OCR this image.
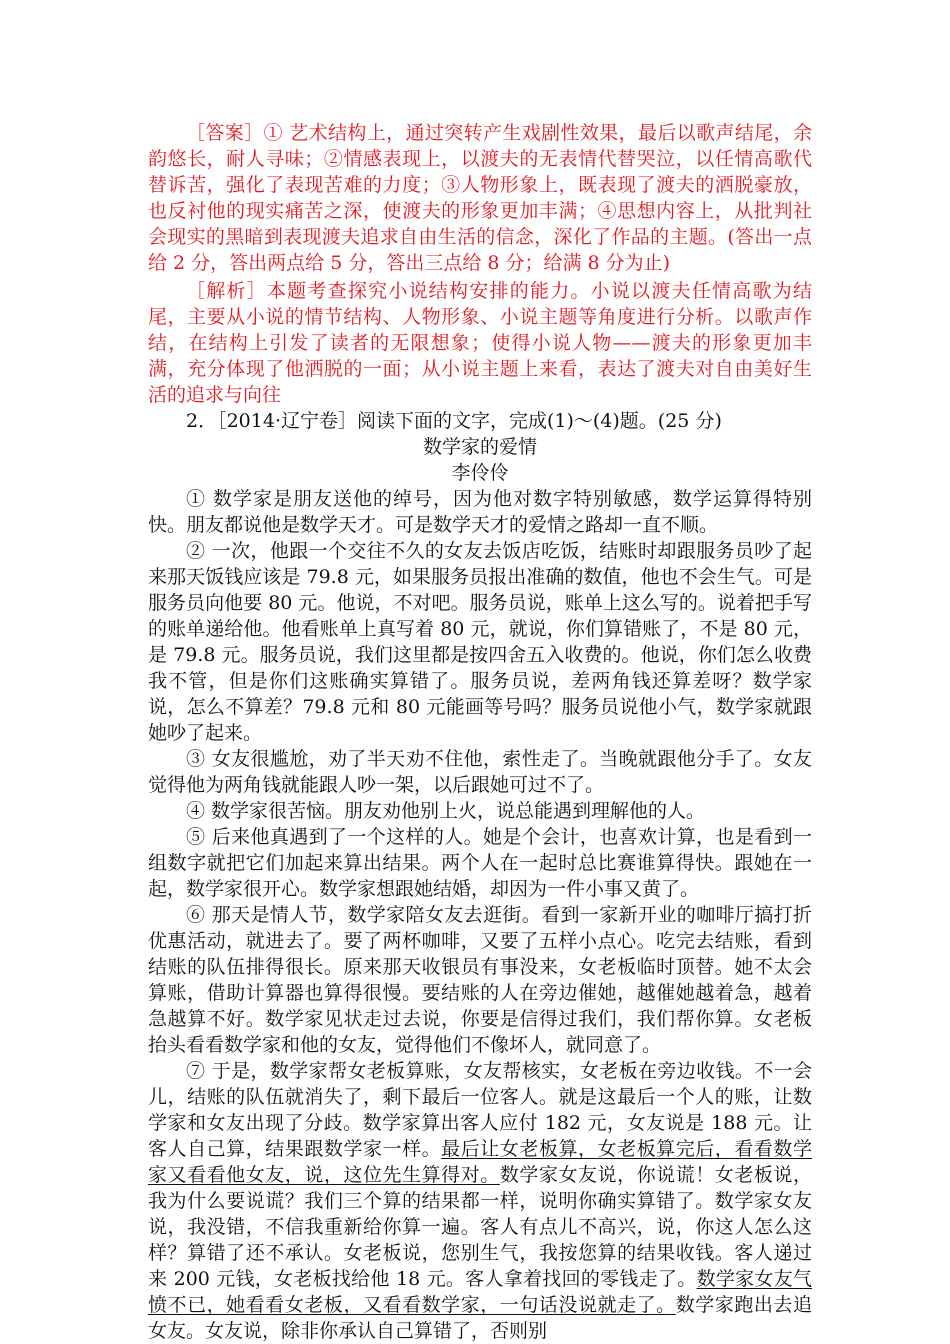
［答案］① 艺术结构上，通过突转产生戏剧性效果，最后以歌声结尾，余韵悠长，耐人寻味；②情感表现上，以渡夫的无表情代替哭泣，以任情高歌代替诉苦，强化了表现苦难的力度；③人物形象上，既表现了渡夫的洒脱豪放，也反衬他的现实痛苦之深，使渡夫的形象更加丰满；④思想内容上，从批判社会现实的黑暗到表现渡夫追求自由生活的信念，深化了作品的主题。(答出一点给 2 分，答出两点给 5 分，答出三点给 8 分；给满 8 分为止)

［解析］本题考查探究小说结构安排的能力。小说以渡夫任情高歌为结尾，主要从小说的情节结构、人物形象、小说主题等角度进行分析。以歌声作结，在结构上引发了读者的无限想象；使得小说人物——渡夫的形象更加丰满，充分体现了他洒脱的一面；从小说主题上来看，表达了渡夫对自由美好生活的追求与向往

2．［2014·辽宁卷］阅读下面的文字，完成(1)～(4)题。(25 分)

数学家的爱情

李伶伶

① 数学家是朋友送他的绰号，因为他对数字特别敏感，数学运算得特别快。朋友都说他是数学天才。可是数学天才的爱情之路却一直不顺。

② 一次，他跟一个交往不久的女友去饭店吃饭，结账时却跟服务员吵了起来那天饭钱应该是 79.8 元，如果服务员报出准确的数值，他也不会生气。可是服务员向他要 80 元。他说，不对吧。服务员说，账单上这么写的。说着把手写的账单递给他。他看账单上真写着 80 元，就说，你们算错账了，不是 80 元，是 79.8 元。服务员说，我们这里都是按四舍五入收费的。他说，你们怎么收费我不管，但是你们这账确实算错了。服务员说，差两角钱还算差呀？数学家说，怎么不算差？79.8 元和 80 元能画等号吗？服务员说他小气，数学家就跟她吵了起来。

③ 女友很尴尬，劝了半天劝不住他，索性走了。当晚就跟他分手了。女友觉得他为两角钱就能跟人吵一架，以后跟她可过不了。

④ 数学家很苦恼。朋友劝他别上火，说总能遇到理解他的人。

⑤ 后来他真遇到了一个这样的人。她是个会计，也喜欢计算，也是看到一组数字就把它们加起来算出结果。两个人在一起时总比赛谁算得快。跟她在一起，数学家很开心。数学家想跟她结婚，却因为一件小事又黄了。

⑥ 那天是情人节，数学家陪女友去逛街。看到一家新开业的咖啡厅搞打折优惠活动，就进去了。要了两杯咖啡，又要了五样小点心。吃完去结账，看到结账的队伍排得很长。原来那天收银员有事没来，女老板临时顶替。她不太会算账，借助计算器也算得很慢。要结账的人在旁边催她，越催她越着急，越着急越算不好。数学家见状走过去说，你要是信得过我们，我们帮你算。女老板抬头看看数学家和他的女友，觉得他们不像坏人，就同意了。

⑦ 于是，数学家帮女老板算账，女友帮核实，女老板在旁边收钱。不一会儿，结账的队伍就消失了，剩下最后一位客人。就是这最后一个人的账，让数学家和女友出现了分歧。数学家算出客人应付 182 元，女友说是 188 元。让客人自己算，结果跟数学家一样。最后让女老板算，女老板算完后，看看数学家又看看他女友，说，这位先生算得对。数学家女友说，你说谎！女老板说，我为什么要说谎？我们三个算的结果都一样，说明你确实算错了。数学家女友说，我没错，不信我重新给你算一遍。客人有点儿不高兴，说，你这人怎么这样？算错了还不承认。女老板说，您别生气，我按您算的结果收钱。客人递过来 200 元钱，女老板找给他 18 元。客人拿着找回的零钱走了。数学家女友气愤不已，她看看女老板，又看看数学家，一句话没说就走了。数学家跑出去追女友。女友说，除非你承认自己算错了，否则别
